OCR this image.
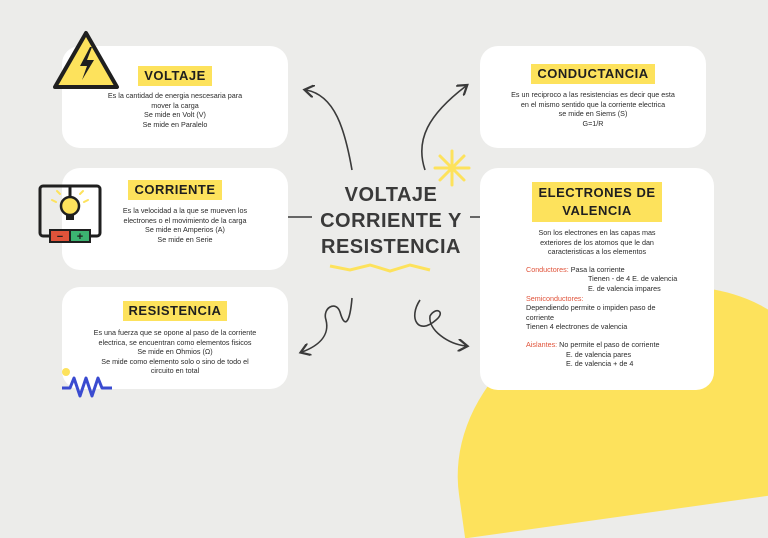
VOLTAJE
Es la cantidad de energia nescesaria para
mover la carga
Se mide en Volt (V)
Se mide en Paralelo
CORRIENTE
Es la velocidad a la que se mueven los
electrones o el movimiento de la carga
Se mide en Amperios (A)
Se mide en Serie
− +
RESISTENCIA
Es una fuerza que se opone al paso de la corriente
electrica, se encuentran como elementos fisicos
Se mide en Ohmios (Ω)
Se mide como elemento solo o sino de todo el
circuito en total
CONDUCTANCIA
Es un reciproco a las resistencias es decir que esta
en el mismo sentido que la corriente electrica
se mide en Siems (S)
G=1/R
ELECTRONES DE
VALENCIA
Son los electrones en las capas mas
exteriores de los atomos que le dan
caracteristicas a los elementos
Conductores: Pasa la corriente
Tienen - de 4 E. de valencia
E. de valencia impares
Semiconductores:
Dependiendo permite o impiden paso de
corriente
Tienen 4 electrones de valencia
Aislantes: No permite el paso de corriente
E. de valencia pares
E. de valencia + de 4
VOLTAJE
CORRIENTE Y
RESISTENCIA
